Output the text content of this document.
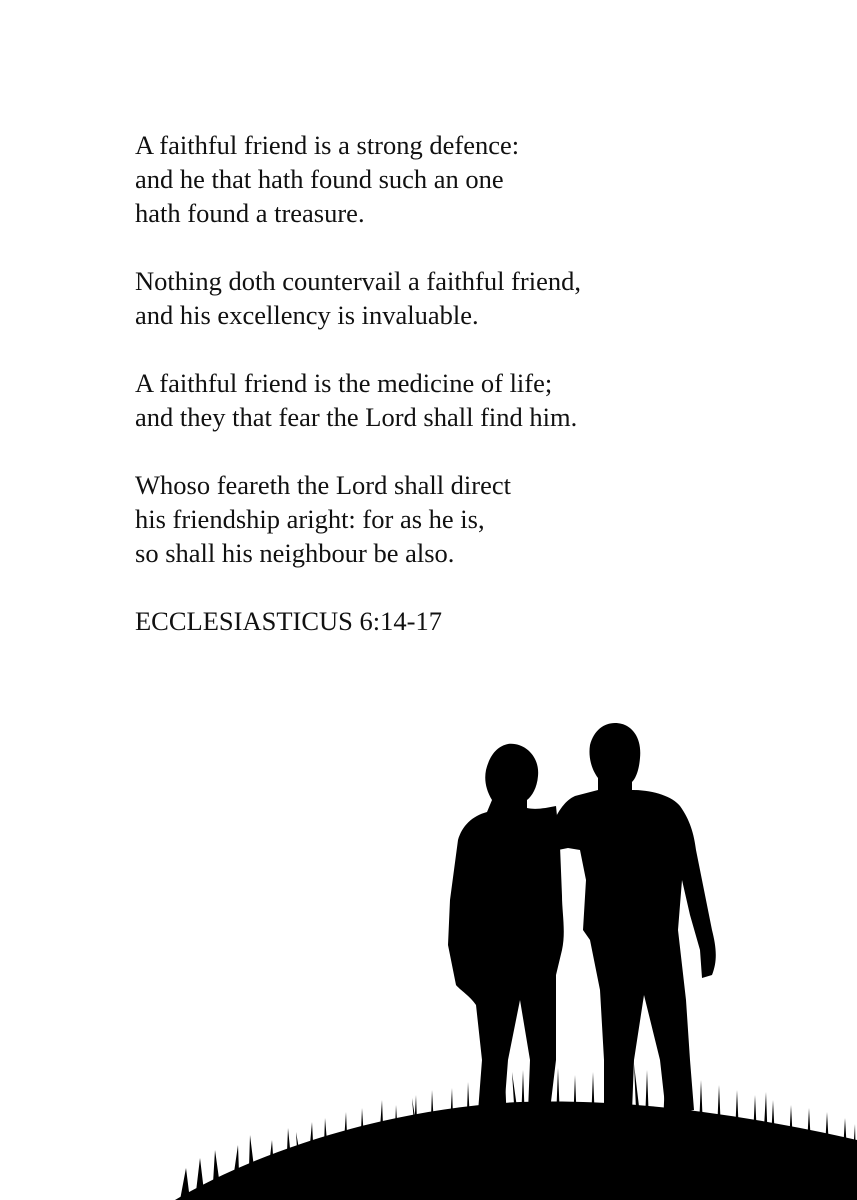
A faithful friend is a strong defence:
and he that hath found such an one
hath found a treasure.
Nothing doth countervail a faithful friend,
and his excellency is invaluable.
A faithful friend is the medicine of life;
and they that fear the Lord shall find him.
Whoso feareth the Lord shall direct
his friendship aright: for as he is,
so shall his neighbour be also.
ECCLESIASTICUS 6:14-17
